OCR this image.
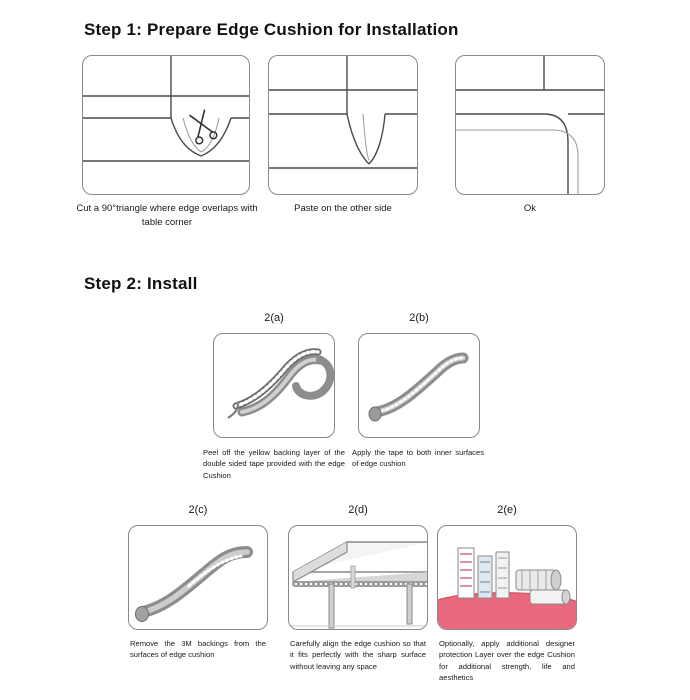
Step 1: Prepare Edge Cushion for Installation
Cut a 90°triangle where edge overlaps with table corner
Paste on the other side	Ok
Step 2: Install
2(a)
Peel off the yellow backing layer of the double sided tape provided with the edge Cushion
2(b)
Apply the tape to both inner surfaces of edge cushion
2(c)
Remove the 3M backings from the surfaces of edge cushion
2(d)
Carefully align the edge cushion so that it fits perfectly with the sharp surface without leaving any space
2(e)
Optionally, apply additional designer protection Layer over the edge Cushion for additional strength, life and aesthetics
